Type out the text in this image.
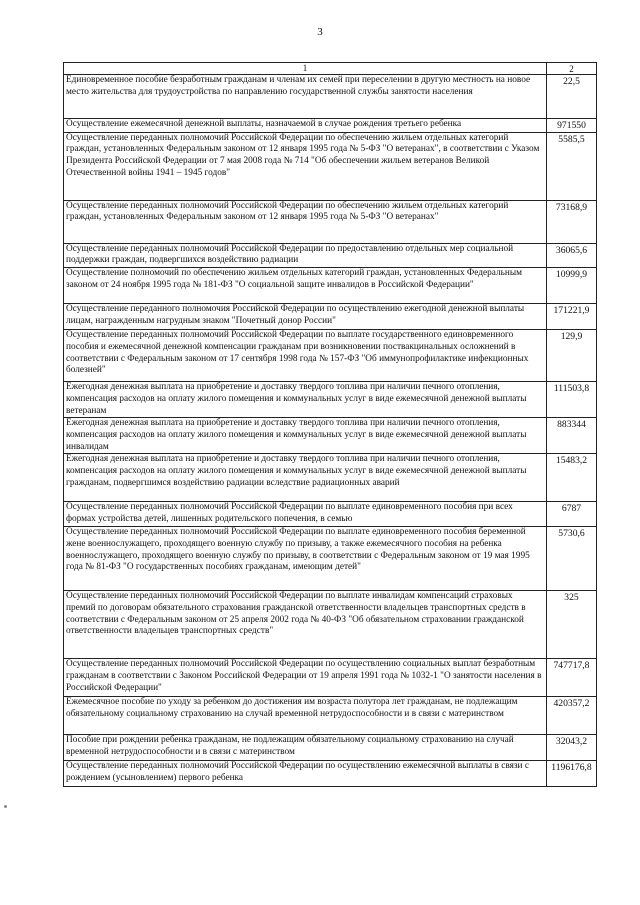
3
1	2
Единовременное пособие безработным гражданам и членам их семей при переселении в другую местность на новое место жительства для трудоустройства по направлению государственной службы занятости населения	22,5
Осуществление ежемесячной денежной выплаты, назначаемой в случае рождения третьего ребенка	971550
Осуществление переданных полномочий Российской Федерации по обеспечению жильем отдельных категорий граждан, установленных Федеральным законом от 12 января 1995 года № 5-ФЗ "О ветеранах", в соответствии с Указом Президента Российской Федерации от 7 мая 2008 года № 714 "Об обеспечении жильем ветеранов Великой Отечественной войны 1941 – 1945 годов"	5585,5
Осуществление переданных полномочий Российской Федерации по обеспечению жильем отдельных категорий граждан, установленных Федеральным законом от 12 января 1995 года № 5-ФЗ "О ветеранах"	73168,9
Осуществление переданных полномочий Российской Федерации по предоставлению отдельных мер социальной поддержки граждан, подвергшихся воздействию радиации	36065,6
Осуществление полномочий по обеспечению жильем отдельных категорий граждан, установленных Федеральным законом от 24 ноября 1995 года № 181-ФЗ "О социальной защите инвалидов в Российской Федерации"	10999,9
Осуществление переданного полномочия Российской Федерации по осуществлению ежегодной денежной выплаты лицам, награжденным нагрудным знаком "Почетный донор России"	171221,9
Осуществление переданных полномочий Российской Федерации по выплате государственного единовременного пособия и ежемесячной денежной компенсации гражданам при возникновении поствакцинальных осложнений в соответствии с Федеральным законом от 17 сентября 1998 года № 157-ФЗ "Об иммунопрофилактике инфекционных болезней"	129,9
Ежегодная денежная выплата на приобретение и доставку твердого топлива при наличии печного отопления, компенсация расходов на оплату жилого помещения и коммунальных услуг в виде ежемесячной денежной выплаты ветеранам	111503,8
Ежегодная денежная выплата на приобретение и доставку твердого топлива при наличии печного отопления, компенсация расходов на оплату жилого помещения и коммунальных услуг в виде ежемесячной денежной выплаты инвалидам	883344
Ежегодная денежная выплата на приобретение и доставку твердого топлива при наличии печного отопления, компенсация расходов на оплату жилого помещения и коммунальных услуг в виде ежемесячной денежной выплаты гражданам, подвергшимся воздействию радиации вследствие радиационных аварий	15483,2
Осуществление переданных полномочий Российской Федерации по выплате единовременного пособия при всех формах устройства детей, лишенных родительского попечения, в семью	6787
Осуществление переданных полномочий Российской Федерации по выплате единовременного пособия беременной жене военнослужащего, проходящего военную службу по призыву, а также ежемесячного пособия на ребенка военнослужащего, проходящего военную службу по призыву, в соответствии с Федеральным законом от 19 мая 1995 года № 81-ФЗ "О государственных пособиях гражданам, имеющим детей"	5730,6
Осуществление переданных полномочий Российской Федерации по выплате инвалидам компенсаций страховых премий по договорам обязательного страхования гражданской ответственности владельцев транспортных средств в соответствии с Федеральным законом от 25 апреля 2002 года № 40-ФЗ "Об обязательном страховании гражданской ответственности владельцев транспортных средств"	325
Осуществление переданных полномочий Российской Федерации по осуществлению социальных выплат безработным гражданам в соответствии с Законом Российской Федерации от 19 апреля 1991 года № 1032-1 "О занятости населения в Российской Федерации"	747717,8
Ежемесячное пособие по уходу за ребенком до достижения им возраста полутора лет гражданам, не подлежащим обязательному социальному страхованию на случай временной нетрудоспособности и в связи с материнством	420357,2
Пособие при рождении ребенка гражданам, не подлежащим обязательному социальному страхованию на случай временной нетрудоспособности и в связи с материнством	32043,2
Осуществление переданных полномочий Российской Федерации по осуществлению ежемесячной выплаты в связи с рождением (усыновлением) первого ребенка	1196176,8
